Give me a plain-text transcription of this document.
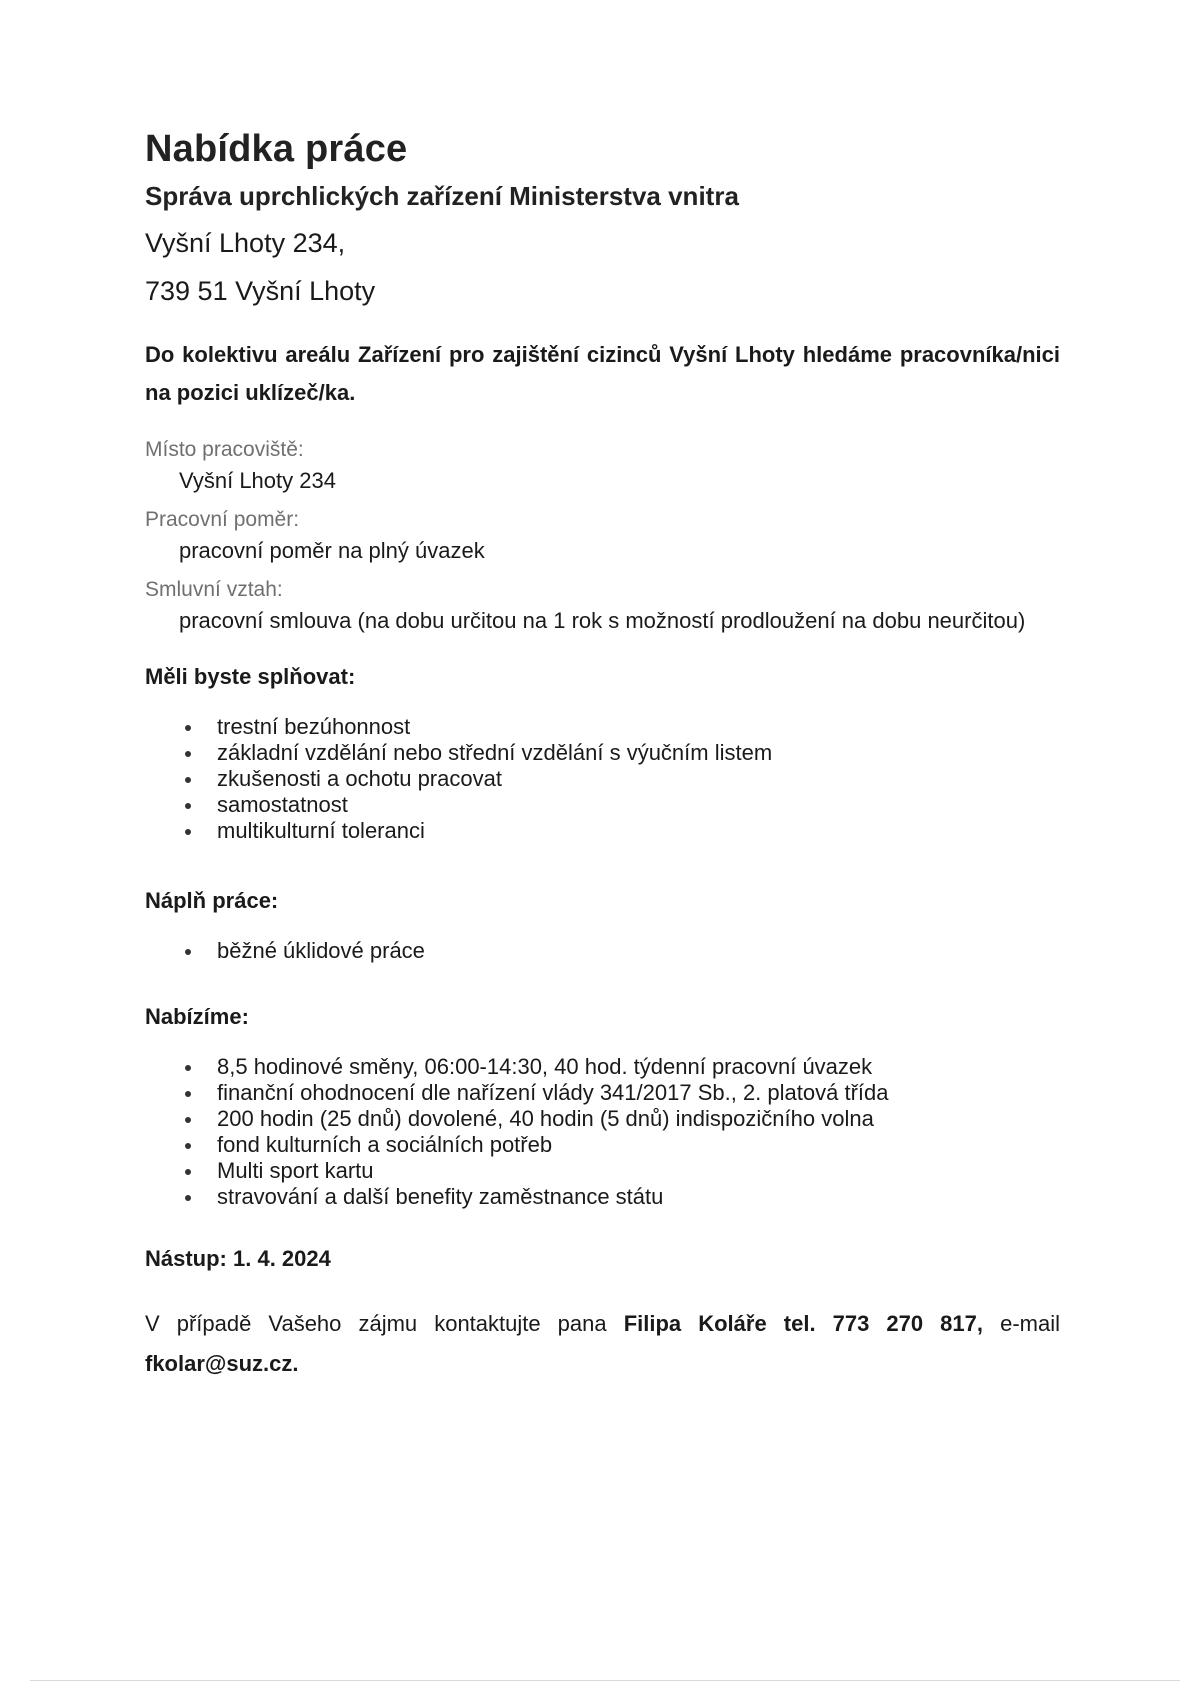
Nabídka práce
Správa uprchlických zařízení Ministerstva vnitra
Vyšní Lhoty 234,
739 51 Vyšní Lhoty

Do kolektivu areálu Zařízení pro zajištění cizinců Vyšní Lhoty hledáme pracovníka/nici na pozici uklízeč/ka.

Místo pracoviště:
Vyšní Lhoty 234
Pracovní poměr:
pracovní poměr na plný úvazek
Smluvní vztah:
pracovní smlouva (na dobu určitou na 1 rok s možností prodloužení na dobu neurčitou)
Měli byste splňovat:
trestní bezúhonnost
základní vzdělání nebo střední vzdělání s výučním listem
zkušenosti a ochotu pracovat
samostatnost
multikulturní toleranci
Náplň práce:
běžné úklidové práce
Nabízíme:
8,5 hodinové směny, 06:00-14:30, 40 hod. týdenní pracovní úvazek
finanční ohodnocení dle nařízení vlády 341/2017 Sb., 2. platová třída
200 hodin (25 dnů) dovolené, 40 hodin (5 dnů) indispozičního volna
fond kulturních a sociálních potřeb
Multi sport kartu
stravování a další benefity zaměstnance státu
Nástup: 1. 4. 2024

V případě Vašeho zájmu kontaktujte pana Filipa Koláře tel. 773 270 817, e-mail fkolar@suz.cz.
